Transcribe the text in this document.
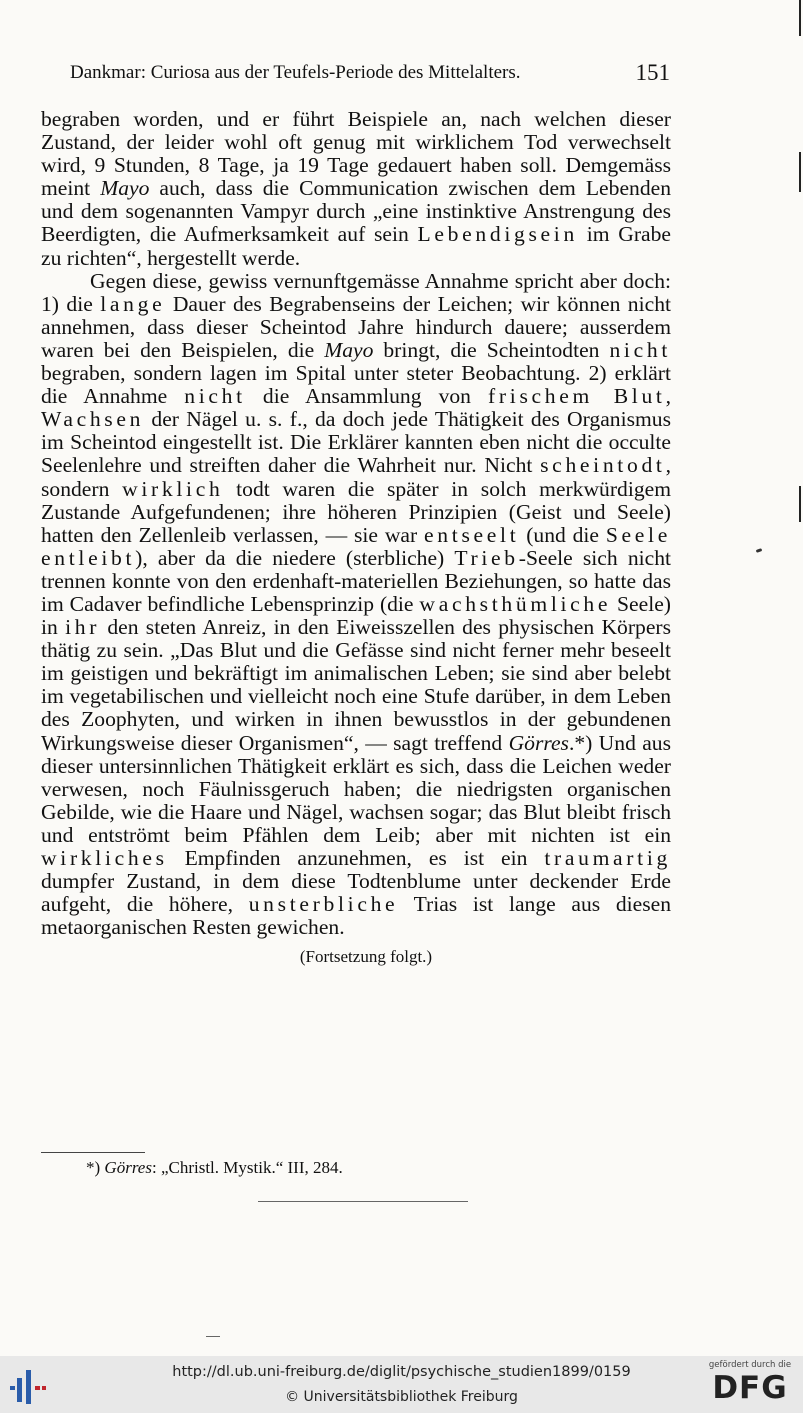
Dankmar: Curiosa aus der Teufels-Periode des Mittelalters.	151

begraben worden, und er führt Beispiele an, nach welchen dieser Zustand, der leider wohl oft genug mit wirklichem Tod verwechselt wird, 9 Stunden, 8 Tage, ja 19 Tage gedauert haben soll. Demgemäss meint Mayo auch, dass die Communication zwischen dem Lebenden und dem sogenannten Vampyr durch „eine instinktive Anstrengung des Beerdigten, die Aufmerksamkeit auf sein Lebendigsein im Grabe zu richten“, hergestellt werde.

Gegen diese, gewiss vernunftgemässe Annahme spricht aber doch: 1) die lange Dauer des Begrabenseins der Leichen; wir können nicht annehmen, dass dieser Scheintod Jahre hindurch dauere; ausserdem waren bei den Beispielen, die Mayo bringt, die Scheintodten nicht begraben, sondern lagen im Spital unter steter Beobachtung. 2) erklärt die Annahme nicht die Ansammlung von frischem Blut, Wachsen der Nägel u. s. f., da doch jede Thätigkeit des Organismus im Scheintod eingestellt ist. Die Erklärer kannten eben nicht die occulte Seelenlehre und streiften daher die Wahrheit nur. Nicht scheintodt, sondern wirklich todt waren die später in solch merkwürdigem Zustande Aufgefundenen; ihre höheren Prinzipien (Geist und Seele) hatten den Zellenleib verlassen, — sie war entseelt (und die Seele entleibt), aber da die niedere (sterbliche) Trieb-Seele sich nicht trennen konnte von den erdenhaft-materiellen Beziehungen, so hatte das im Cadaver befindliche Lebensprinzip (die wachsthümliche Seele) in ihr den steten Anreiz, in den Eiweisszellen des physischen Körpers thätig zu sein. „Das Blut und die Gefässe sind nicht ferner mehr beseelt im geistigen und bekräftigt im animalischen Leben; sie sind aber belebt im vegetabilischen und vielleicht noch eine Stufe darüber, in dem Leben des Zoophyten, und wirken in ihnen bewusstlos in der gebundenen Wirkungsweise dieser Organismen“, — sagt treffend Görres.*) Und aus dieser untersinnlichen Thätigkeit erklärt es sich, dass die Leichen weder verwesen, noch Fäulnissgeruch haben; die niedrigsten organischen Gebilde, wie die Haare und Nägel, wachsen sogar; das Blut bleibt frisch und entströmt beim Pfählen dem Leib; aber mit nichten ist ein wirkliches Empfinden anzunehmen, es ist ein traumartig dumpfer Zustand, in dem diese Todtenblume unter deckender Erde aufgeht, die höhere, unsterbliche Trias ist lange aus diesen metaorganischen Resten gewichen.

(Fortsetzung folgt.)
*) Görres: „Christl. Mystik.“ III, 284.
http://dl.ub.uni-freiburg.de/diglit/psychische_studien1899/0159
© Universitätsbibliothek Freiburg
gefördert durch die
DFG
